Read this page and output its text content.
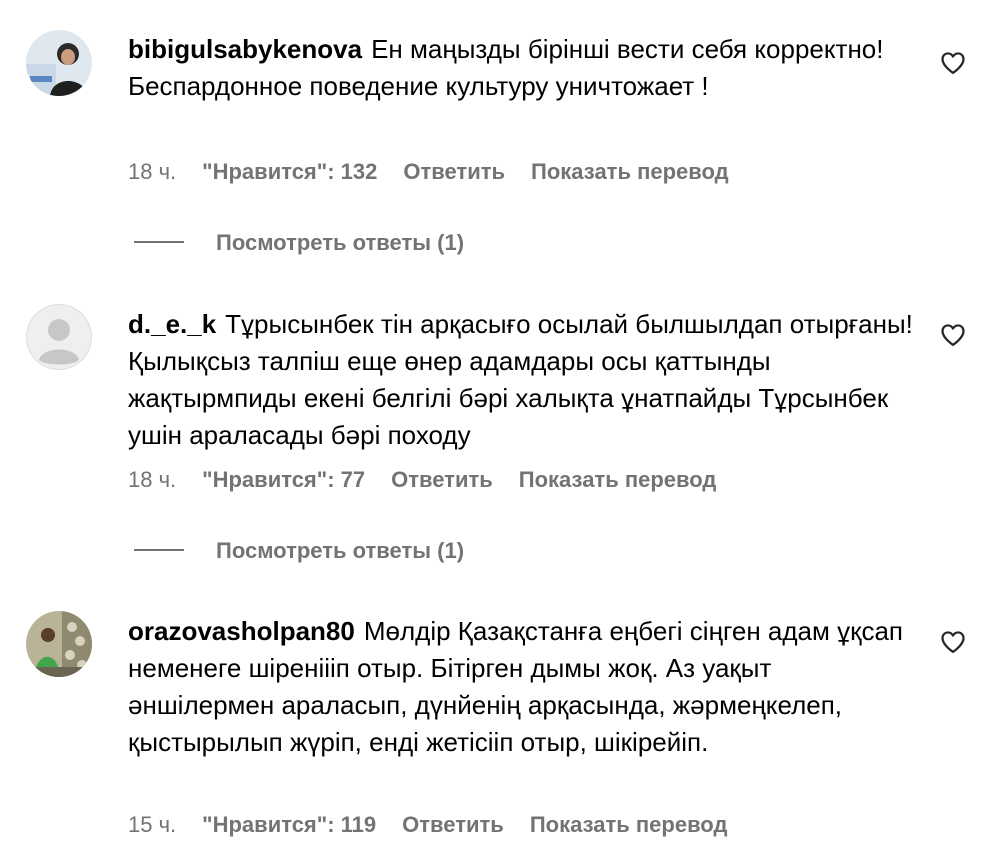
bibigulsabykenova Ен маңызды бірінші вести себя корректно! Беспардонное поведение культуру уничтожает !

18 ч. "Нравится": 132 Ответить Показать перевод
Посмотреть ответы (1)

d._e._k Тұрысынбек тін арқасығо осылай былшылдап отырғаны! Қылықсыз талпіш еще өнер адамдары осы қаттынды жақтырмпиды екені белгілі бәрі халықта ұнатпайды Тұрсынбек ушін араласады бәрі походу

18 ч. "Нравится": 77 Ответить Показать перевод
Посмотреть ответы (1)

orazovasholpan80 Мөлдір Қазақстанға еңбегі сіңген адам ұқсап неменеге шіреніііп отыр. Бітірген дымы жоқ. Аз уақыт әншілермен араласып, дүнйенің арқасында, жәрмеңкелеп, қыстырылып жүріп, енді жетісііп отыр, шікірейіп.

15 ч. "Нравится": 119 Ответить Показать перевод
